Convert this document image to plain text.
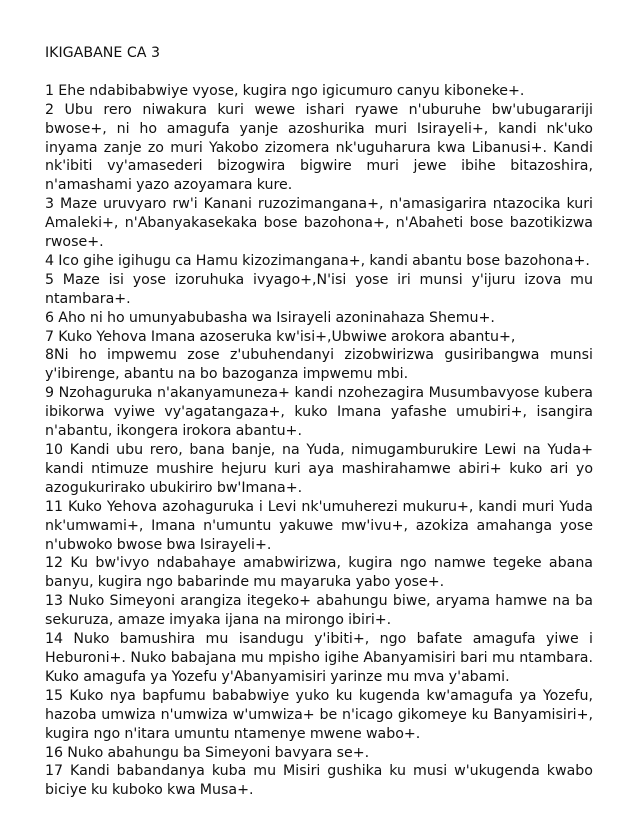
IKIGABANE CA 3

1 Ehe ndabibabwiye vyose, kugira ngo igicumuro canyu kiboneke+.

2 Ubu rero niwakura kuri wewe ishari ryawe n'uburuhe bw'ubugarariji bwose+, ni ho amagufa yanje azoshurika muri Isirayeli+, kandi nk'uko inyama zanje zo muri Yakobo zizomera nk'uguharura kwa Libanusi+. Kandi nk'ibiti vy'amasederi bizogwira bigwire muri jewe ibihe bitazoshira, n'amashami yazo azoyamara kure.

3 Maze uruvyaro rw'i Kanani ruzozimangana+, n'amasigarira ntazocika kuri Amaleki+, n'Abanyakasekaka bose bazohona+, n'Abaheti bose bazotikizwa rwose+.

4 Ico gihe igihugu ca Hamu kizozimangana+, kandi abantu bose bazohona+.

5 Maze isi yose izoruhuka ivyago+,N'isi yose iri munsi y'ijuru izova mu ntambara+.

6 Aho ni ho umunyabubasha wa Isirayeli azoninahaza Shemu+.

7 Kuko Yehova Imana azoseruka kw'isi+,Ubwiwe arokora abantu+,

8Ni ho impwemu zose z'ubuhendanyi zizobwirizwa gusiribangwa munsi y'ibirenge, abantu na bo bazoganza impwemu mbi.

9 Nzohaguruka n'akanyamuneza+ kandi nzohezagira Musumbavyose kubera ibikorwa vyiwe vy'agatangaza+, kuko Imana yafashe umubiri+, isangira n'abantu, ikongera irokora abantu+.

10 Kandi ubu rero, bana banje, na Yuda, nimugamburukire Lewi na Yuda+ kandi ntimuze mushire hejuru kuri aya mashirahamwe abiri+ kuko ari yo azogukurirako ubukiriro bw'Imana+.

11 Kuko Yehova azohaguruka i Levi nk'umuherezi mukuru+, kandi muri Yuda nk'umwami+, Imana n'umuntu yakuwe mw'ivu+, azokiza amahanga yose n'ubwoko bwose bwa Isirayeli+.

12 Ku bw'ivyo ndabahaye amabwirizwa, kugira ngo namwe tegeke abana banyu, kugira ngo babarinde mu mayaruka yabo yose+.

13 Nuko Simeyoni arangiza itegeko+ abahungu biwe, aryama hamwe na ba sekuruza, amaze imyaka ijana na mirongo ibiri+.

14 Nuko bamushira mu isandugu y'ibiti+, ngo bafate amagufa yiwe i Heburoni+. Nuko babajana mu mpisho igihe Abanyamisiri bari mu ntambara. Kuko amagufa ya Yozefu y'Abanyamisiri yarinze mu mva y'abami.

15 Kuko nya bapfumu bababwiye yuko ku kugenda kw'amagufa ya Yozefu, hazoba umwiza n'umwiza w'umwiza+ be n'icago gikomeye ku Banyamisiri+, kugira ngo n'itara umuntu ntamenye mwene wabo+.

16 Nuko abahungu ba Simeyoni bavyara se+.

17 Kandi babandanya kuba mu Misiri gushika ku musi w'ukugenda kwabo biciye ku kuboko kwa Musa+.
